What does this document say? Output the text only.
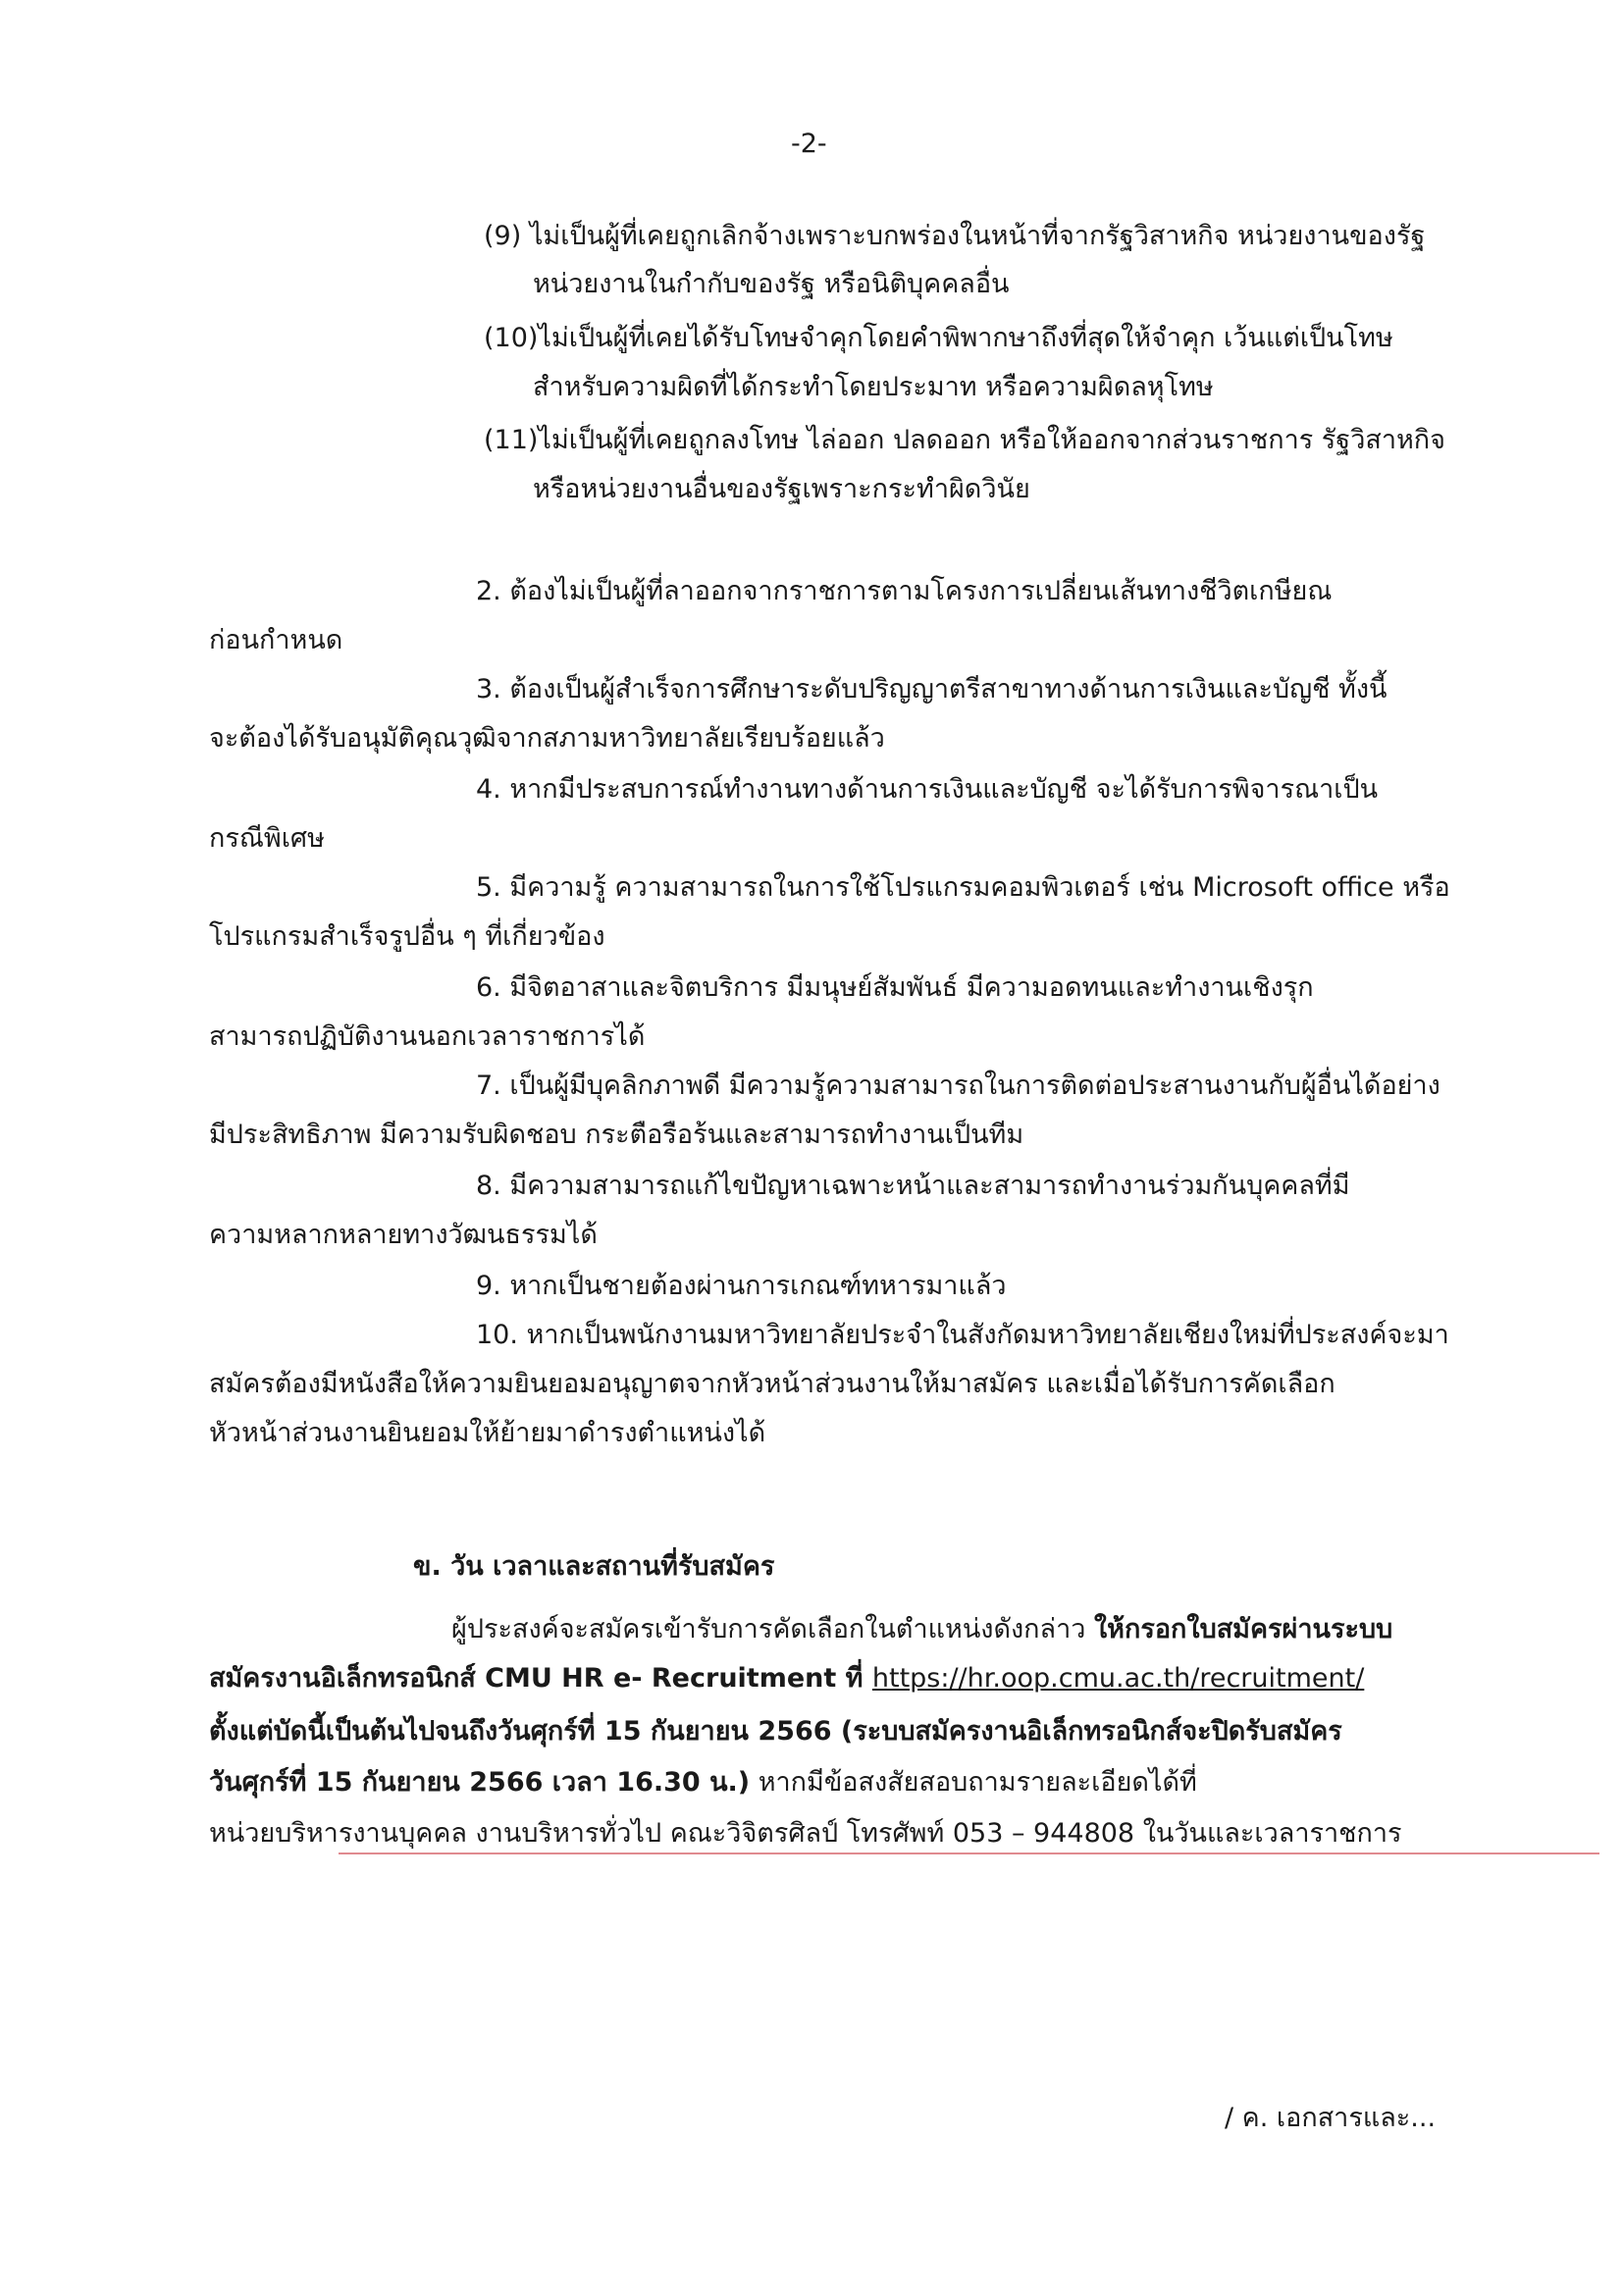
-2-
(9) ไม่เป็นผู้ที่เคยถูกเลิกจ้างเพราะบกพร่องในหน้าที่จากรัฐวิสาหกิจ หน่วยงานของรัฐ
หน่วยงานในกำกับของรัฐ หรือนิติบุคคลอื่น
(10)ไม่เป็นผู้ที่เคยได้รับโทษจำคุกโดยคำพิพากษาถึงที่สุดให้จำคุก เว้นแต่เป็นโทษ
สำหรับความผิดที่ได้กระทำโดยประมาท หรือความผิดลหุโทษ
(11)ไม่เป็นผู้ที่เคยถูกลงโทษ ไล่ออก ปลดออก หรือให้ออกจากส่วนราชการ รัฐวิสาหกิจ
หรือหน่วยงานอื่นของรัฐเพราะกระทำผิดวินัย
2. ต้องไม่เป็นผู้ที่ลาออกจากราชการตามโครงการเปลี่ยนเส้นทางชีวิตเกษียณ
ก่อนกำหนด
3. ต้องเป็นผู้สำเร็จการศึกษาระดับปริญญาตรีสาขาทางด้านการเงินและบัญชี ทั้งนี้
จะต้องได้รับอนุมัติคุณวุฒิจากสภามหาวิทยาลัยเรียบร้อยแล้ว
4. หากมีประสบการณ์ทำงานทางด้านการเงินและบัญชี จะได้รับการพิจารณาเป็น
กรณีพิเศษ
5. มีความรู้ ความสามารถในการใช้โปรแกรมคอมพิวเตอร์ เช่น Microsoft office หรือ
โปรแกรมสำเร็จรูปอื่น ๆ ที่เกี่ยวข้อง
6. มีจิตอาสาและจิตบริการ มีมนุษย์สัมพันธ์ มีความอดทนและทำงานเชิงรุก
สามารถปฏิบัติงานนอกเวลาราชการได้
7. เป็นผู้มีบุคลิกภาพดี มีความรู้ความสามารถในการติดต่อประสานงานกับผู้อื่นได้อย่าง
มีประสิทธิภาพ มีความรับผิดชอบ กระตือรือร้นและสามารถทำงานเป็นทีม
8. มีความสามารถแก้ไขปัญหาเฉพาะหน้าและสามารถทำงานร่วมกันบุคคลที่มี
ความหลากหลายทางวัฒนธรรมได้
9. หากเป็นชายต้องผ่านการเกณฑ์ทหารมาแล้ว
10. หากเป็นพนักงานมหาวิทยาลัยประจำในสังกัดมหาวิทยาลัยเชียงใหม่ที่ประสงค์จะมา
สมัครต้องมีหนังสือให้ความยินยอมอนุญาตจากหัวหน้าส่วนงานให้มาสมัคร และเมื่อได้รับการคัดเลือก
หัวหน้าส่วนงานยินยอมให้ย้ายมาดำรงตำแหน่งได้
ข. วัน เวลาและสถานที่รับสมัคร
ผู้ประสงค์จะสมัครเข้ารับการคัดเลือกในตำแหน่งดังกล่าว ให้กรอกใบสมัครผ่านระบบ
สมัครงานอิเล็กทรอนิกส์ CMU HR e- Recruitment ที่ https://hr.oop.cmu.ac.th/recruitment/
ตั้งแต่บัดนี้เป็นต้นไปจนถึงวันศุกร์ที่ 15 กันยายน 2566 (ระบบสมัครงานอิเล็กทรอนิกส์จะปิดรับสมัคร
วันศุกร์ที่ 15 กันยายน 2566 เวลา 16.30 น.) หากมีข้อสงสัยสอบถามรายละเอียดได้ที่
หน่วยบริหารงานบุคคล งานบริหารทั่วไป คณะวิจิตรศิลป์ โทรศัพท์ 053 – 944808 ในวันและเวลาราชการ
/ ค. เอกสารและ...
